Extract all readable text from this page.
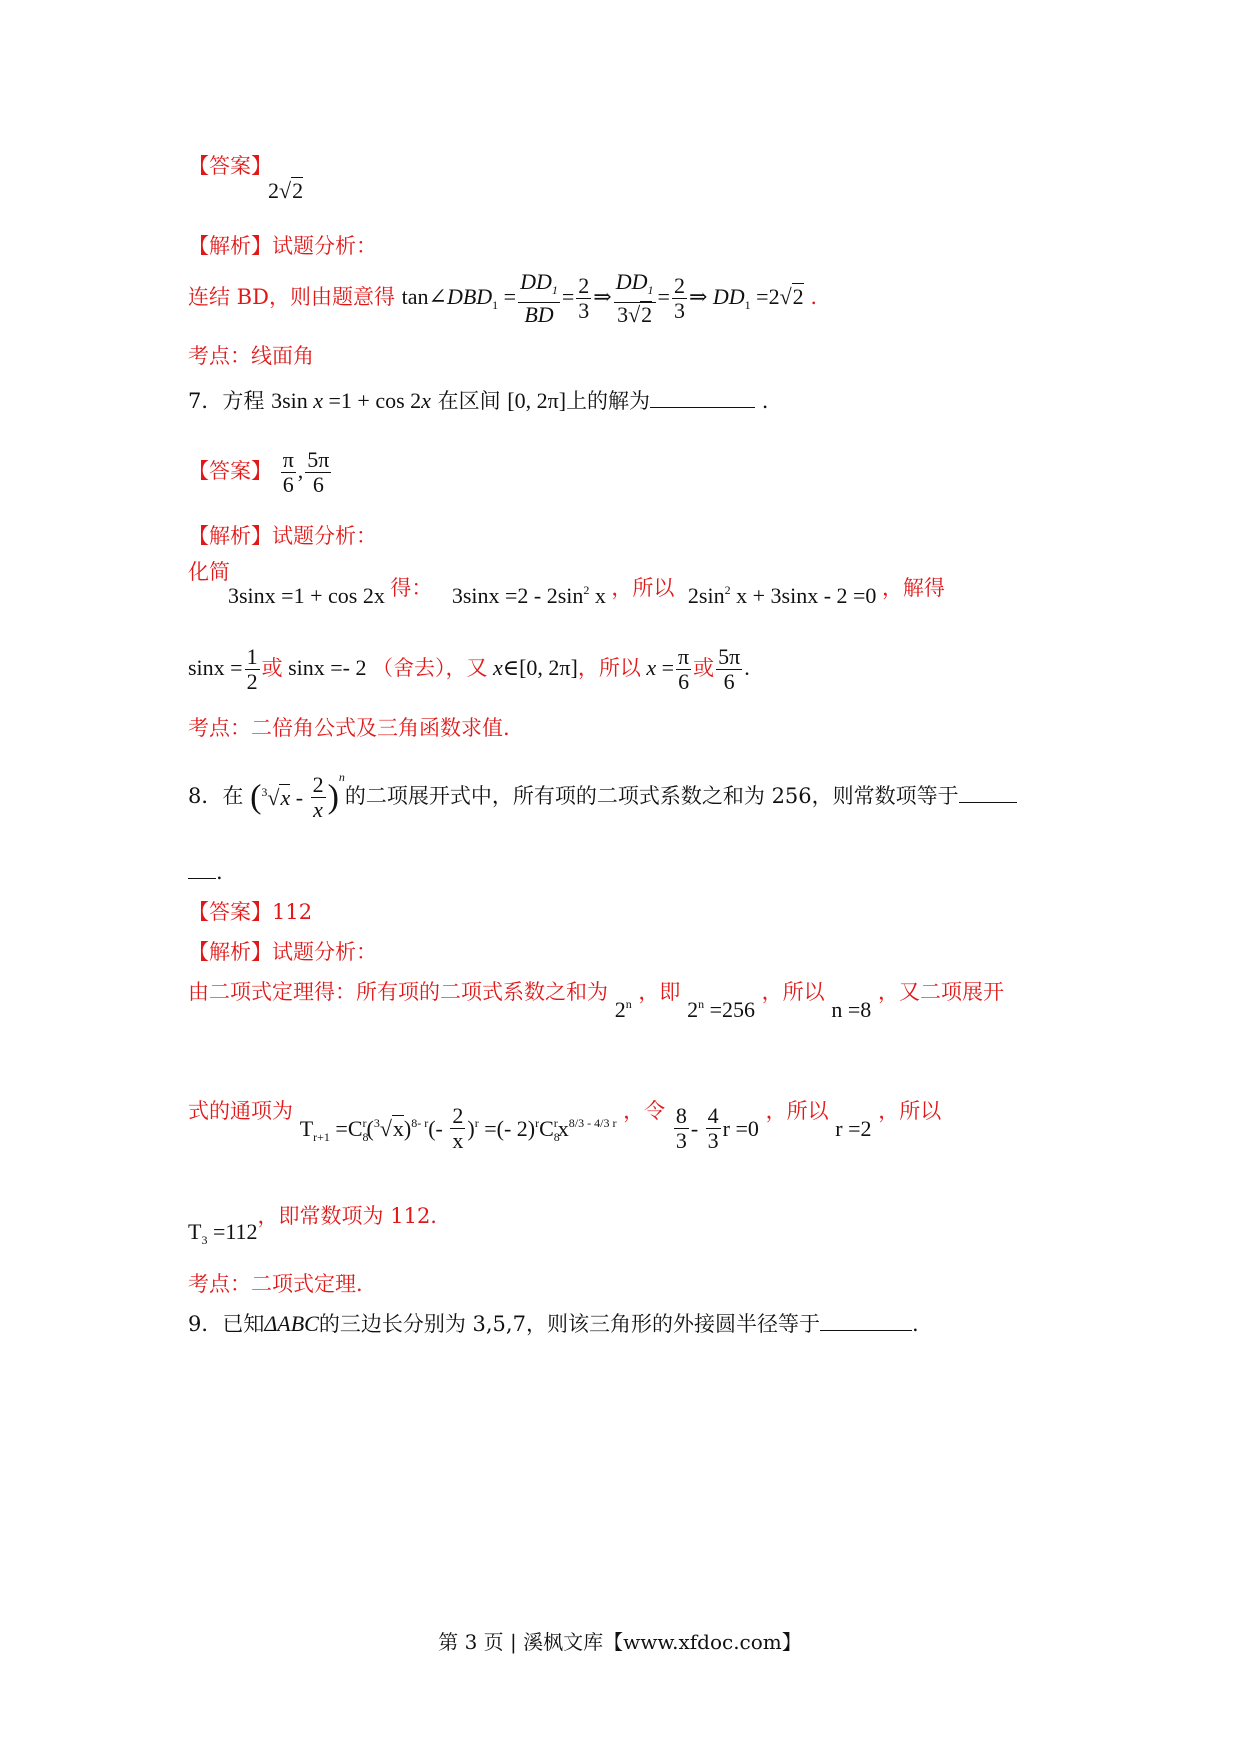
【答案】
2√2
【解析】试题分析：
连结 BD，则由题意得 $\tan\angle DBD_1 = \frac{DD_1}{BD} = \frac{2}{3}$ ⇒ $\frac{DD_1}{3√2} = \frac{2}{3}$ ⇒ $DD_1 =2√2$ .
考点：线面角
7．方程 3sin x =1 + cos 2x 在区间 [0, 2π]上的解为	.
【答案】 $\frac{\pi}{6}$ , $\frac{5\pi}{6}$
【解析】试题分析：
化简
3sinx =1 + cos 2x 得： $3\sin x =2 - 2\sin^2$ x ，所以 $2\sin^2$ x + 3sinx - 2 =0 ，解得
$\sin x = \frac{1}{2}$ 或 sinx =- 2 （舍去），又 x∈[0, 2π]，所以 $x = \frac{\pi}{6}$ 或 $\frac{5\pi}{6}$ .
考点：二倍角公式及三角函数求值.
8．在 $(^3√x - \frac{2}{x} )^n$的二项展开式中，所有项的二项式系数之和为 256，则常数项等于
.
【答案】112
【解析】试题分析：
由二项式定理得：所有项的二项式系数之和为 2$^n$ ，即 $2^n =256$ ，所以 n =8 ，又二项展开
式的通项为 $T_{r+1} =C_8^r(^3√x)^{8- r}(- \frac{2}{x} )^r$ =(- $2)^rC_8^rx^{8/3 - 4/3 r}$ ，令 $\frac{8}{3} - \frac{4}{3}$ r =0 ，所以 r =2 ，所以
$T_3 =112$，即常数项为 112.
考点：二项式定理.
9．已知ΔABC的三边长分别为 3,5,7，则该三角形的外接圆半径等于	.
第 3 页 | 溪枫文库【www.xfdoc.com】
